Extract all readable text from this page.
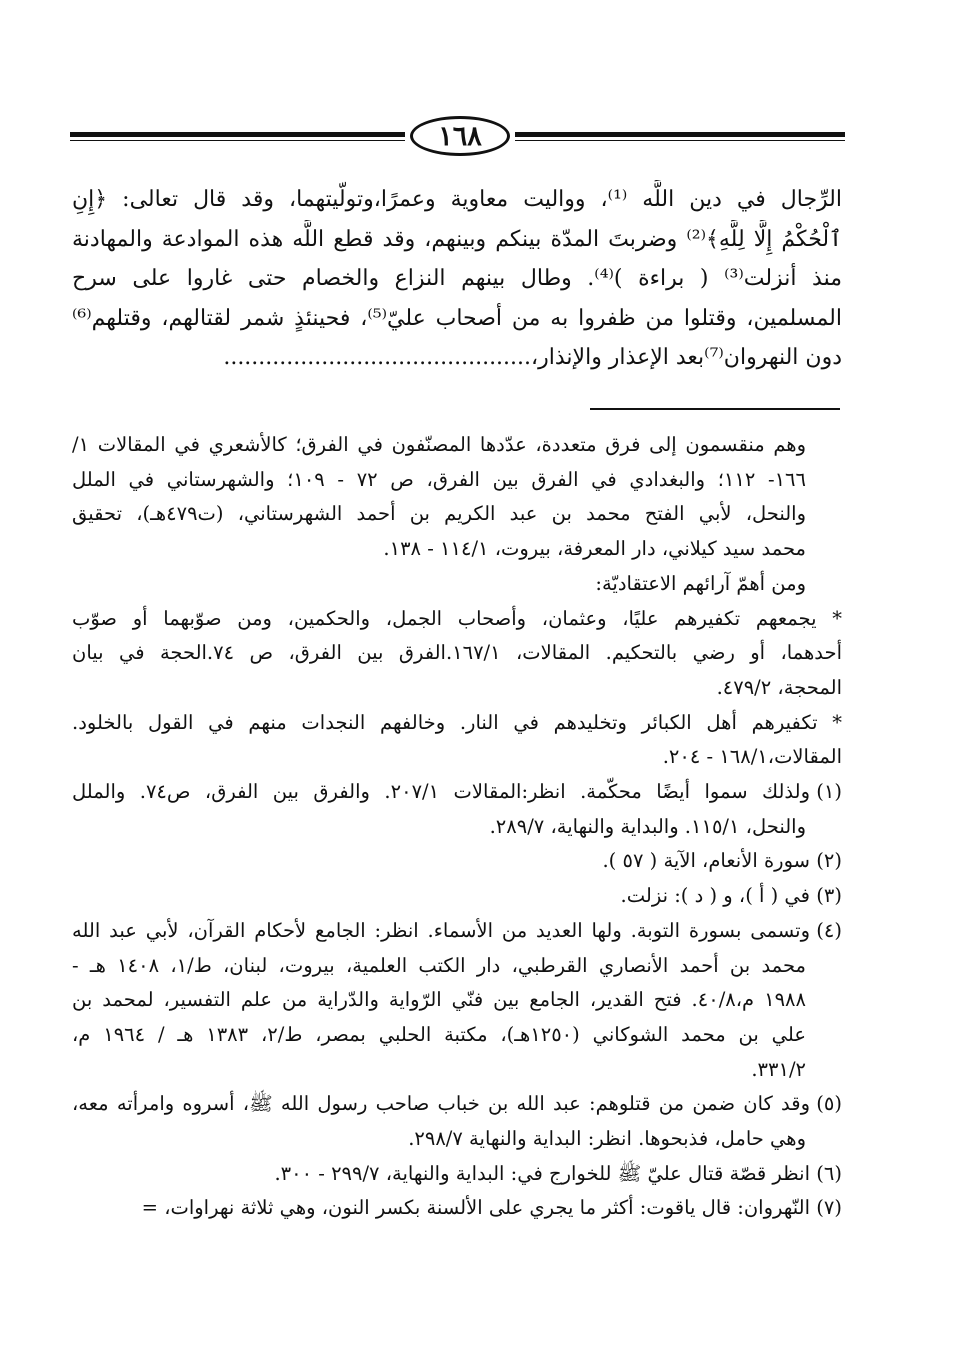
١٦٨
الرِّجال في دين اللَّه ⁽¹⁾، وواليت معاوية وعمرًا،وتولّيتهما، وقد قال تعالى: ﴿إِنِ
ٱلْحُكْمُ إِلَّا لِلَّهِ﴾⁽²⁾ وضربتَ المدّة بينكم وبينهم، وقد قطع اللَّه هذه الموادعة والمهادنة
منذ أنزلت⁽³⁾ ( براءة )⁽⁴⁾. وطال بينهم النزاع والخصام حتى غاروا على سرح
المسلمين، وقتلوا من ظفروا به من أصحاب عليّ⁽⁵⁾، فحينئذٍ شمر لقتالهم، وقتلهم⁽⁶⁾
دون النهروان⁽⁷⁾بعد الإعذار والإنذار،............................................
وهم منقسمون إلى فرق متعددة، عدّدها المصنّفون في الفرق؛ كالأشعري في المقالات ١/
١٦٦- ١١٢؛ والبغدادي في الفرق بين الفرق، ص ٧٢ - ١٠٩؛ والشهرستاني في الملل
والنحل، لأبي الفتح محمد بن عبد الكريم بن أحمد الشهرستاني، (ت٤٧٩هـ)، تحقيق
محمد سيد كيلاني، دار المعرفة، بيروت، ١١٤/١ - ١٣٨.
ومن أهمّ آرائهم الاعتقاديّة:
* يجمعهم تكفيرهم عليًا، وعثمان، وأصحاب الجمل، والحكمين، ومن صوّبهما أو صوّب
أحدهما، أو رضي بالتحكيم. المقالات، ١٦٧/١.الفرق بين الفرق، ص ٧٤.الحجة في بيان
المحجة، ٤٧٩/٢.
* تكفيرهم أهل الكبائر وتخليدهم في النار. وخالفهم النجدات منهم في القول بالخلود.
المقالات،١٦٨/١ - ٢٠٤.
(١)ولذلك سموا أيضًا محكّمة. انظر:المقالات ٢٠٧/١. والفرق بين الفرق، ص٧٤. والملل
والنحل، ١١٥/١. والبداية والنهاية، ٢٨٩/٧.
(٢)سورة الأنعام، الآية ( ٥٧ ).
(٣)في ( أ )، و ( د ): نزلت.
(٤)وتسمى بسورة التوبة. ولها العديد من الأسماء. انظر: الجامع لأحكام القرآن، لأبي عبد الله
محمد بن أحمد الأنصاري القرطبي، دار الكتب العلمية، بيروت، لبنان، ط/١، ١٤٠٨ هـ -
١٩٨٨ م،٤٠/٨. فتح القدير، الجامع بين فنّي الرّواية والدّراية من علم التفسير، لمحمد بن
علي بن محمد الشوكاني (١٢٥٠هـ)، مكتبة الحلبي بمصر، ط/٢، ١٣٨٣ هـ / ١٩٦٤ م،
٣٣١/٢.
(٥)وقد كان ضمن من قتلوهم: عبد الله بن خباب صاحب رسول الله ﷺ، أسروه وامرأته معه،
وهي حامل، فذبحوها. انظر: البداية والنهاية ٢٩٨/٧.
(٦)انظر قصّة قتال عليّ ﷺ للخوارج في: البداية والنهاية، ٢٩٩/٧ - ٣٠٠.
(٧)النّهروان: قال ياقوت: أكثر ما يجري على الألسنة بكسر النون، وهي ثلاثة نهراوات، =
